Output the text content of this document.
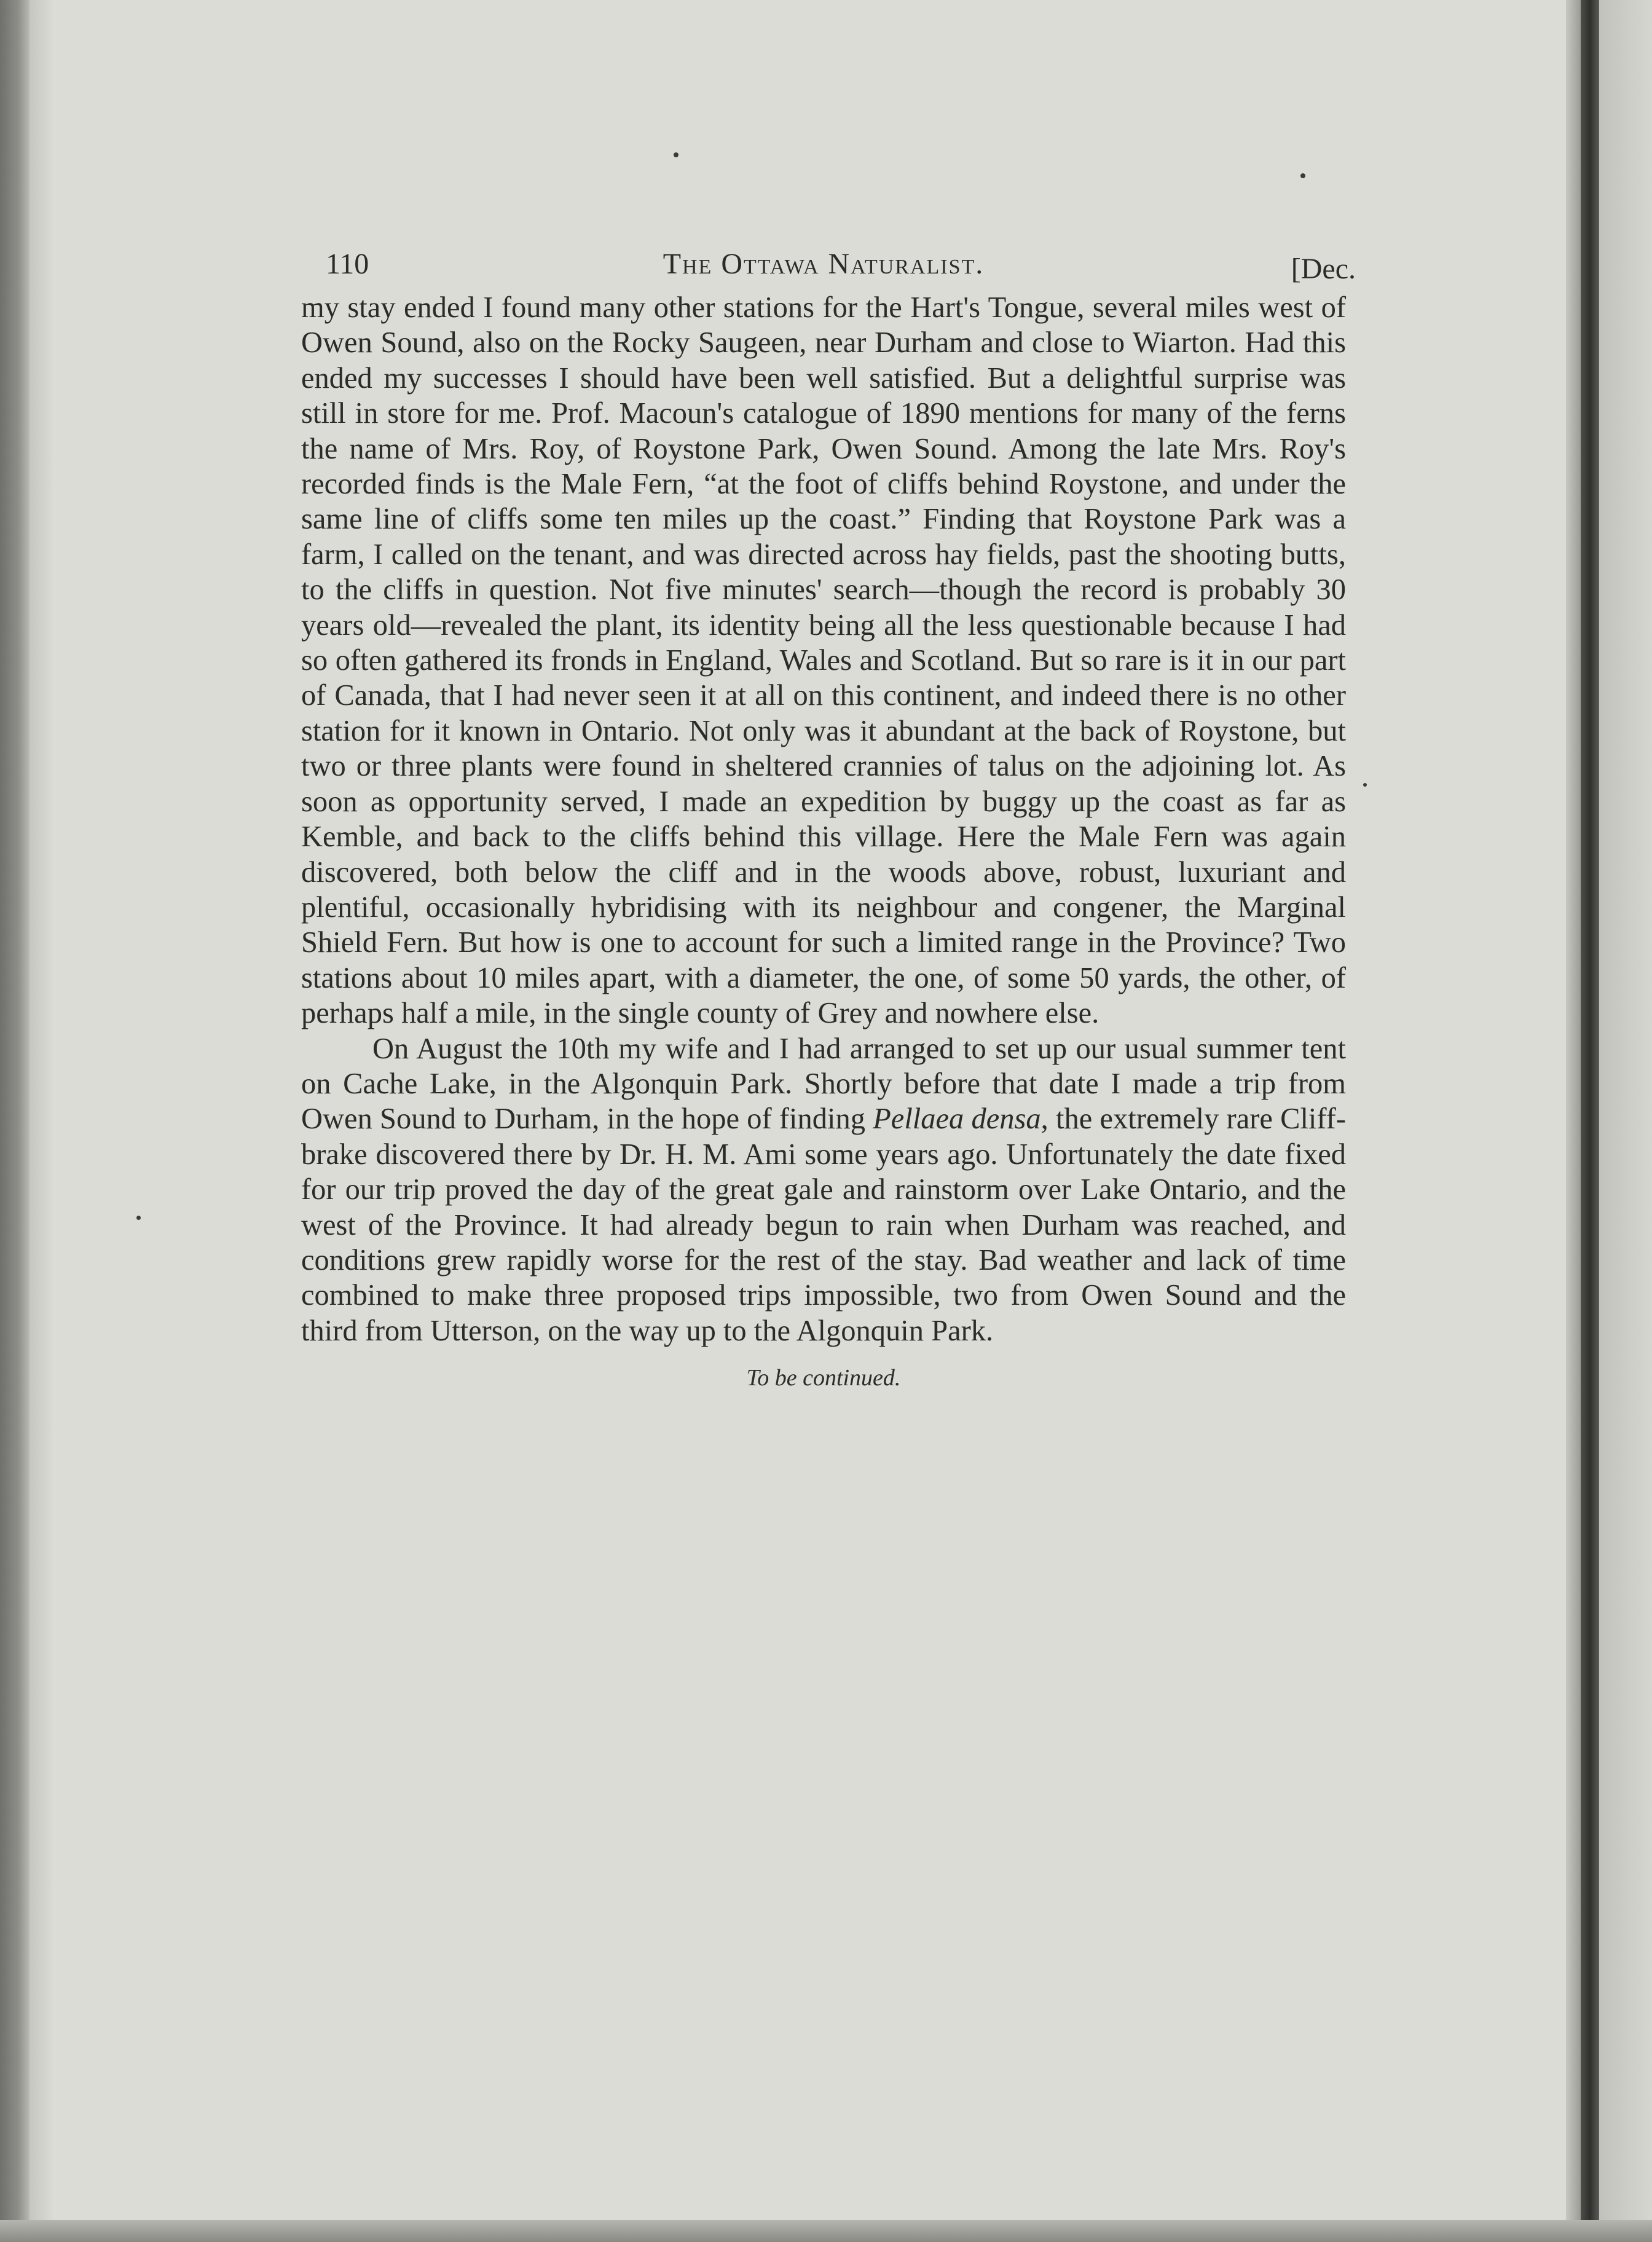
110	The Ottawa Naturalist.	[Dec.

my stay ended I found many other stations for the Hart's Tongue, several miles west of Owen Sound, also on the Rocky Saugeen, near Durham and close to Wiarton. Had this ended my successes I should have been well satisfied. But a delightful surprise was still in store for me. Prof. Macoun's catalogue of 1890 mentions for many of the ferns the name of Mrs. Roy, of Roystone Park, Owen Sound. Among the late Mrs. Roy's recorded finds is the Male Fern, “at the foot of cliffs behind Roystone, and under the same line of cliffs some ten miles up the coast.” Finding that Roystone Park was a farm, I called on the tenant, and was directed across hay fields, past the shooting butts, to the cliffs in question. Not five minutes' search—though the record is probably 30 years old—revealed the plant, its identity being all the less questionable because I had so often gathered its fronds in England, Wales and Scotland. But so rare is it in our part of Canada, that I had never seen it at all on this continent, and indeed there is no other station for it known in Ontario. Not only was it abundant at the back of Roystone, but two or three plants were found in sheltered crannies of talus on the adjoining lot. As soon as opportunity served, I made an expedition by buggy up the coast as far as Kemble, and back to the cliffs behind this village. Here the Male Fern was again discovered, both below the cliff and in the woods above, robust, luxuriant and plentiful, occasionally hybridising with its neighbour and congener, the Marginal Shield Fern. But how is one to account for such a limited range in the Province? Two stations about 10 miles apart, with a diameter, the one, of some 50 yards, the other, of perhaps half a mile, in the single county of Grey and nowhere else.

On August the 10th my wife and I had arranged to set up our usual summer tent on Cache Lake, in the Algonquin Park. Shortly before that date I made a trip from Owen Sound to Durham, in the hope of finding Pellaea densa, the extremely rare Cliff-brake discovered there by Dr. H. M. Ami some years ago. Unfortunately the date fixed for our trip proved the day of the great gale and rainstorm over Lake Ontario, and the west of the Province. It had already begun to rain when Durham was reached, and conditions grew rapidly worse for the rest of the stay. Bad weather and lack of time combined to make three proposed trips impossible, two from Owen Sound and the third from Utterson, on the way up to the Algonquin Park.

To be continued.
